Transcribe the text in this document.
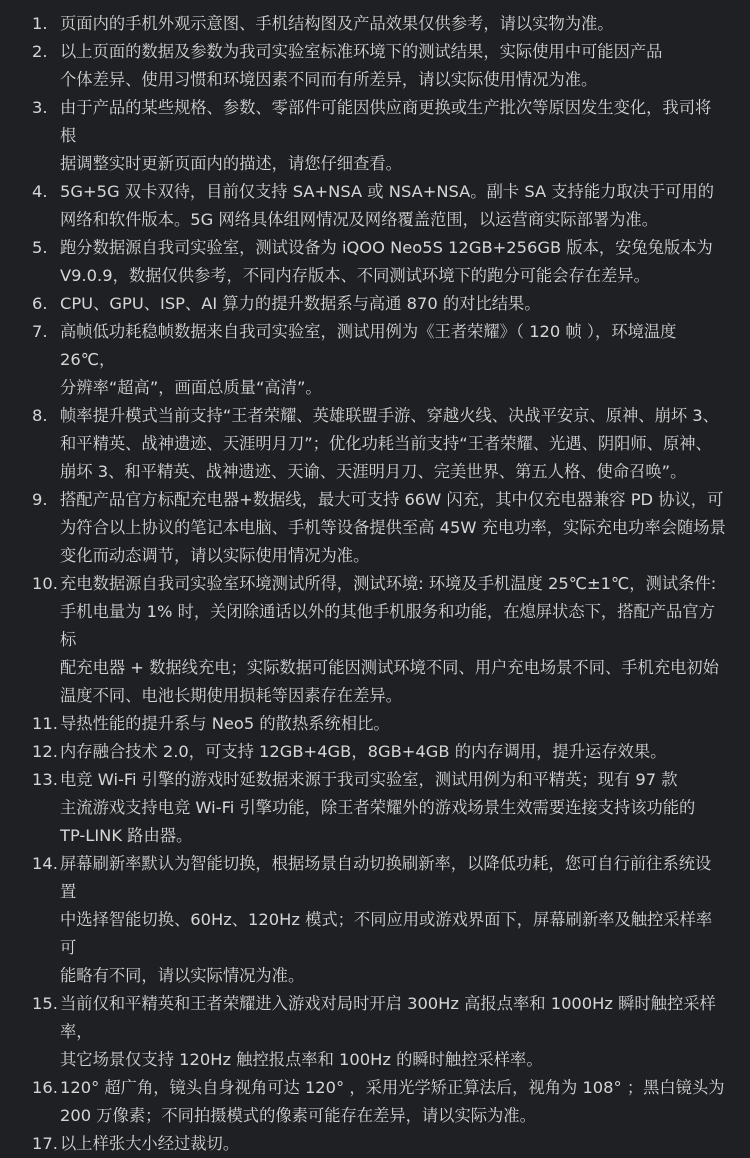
1. 页面内的手机外观示意图、手机结构图及产品效果仅供参考，请以实物为准。
2. 以上页面的数据及参数为我司实验室标准环境下的测试结果，实际使用中可能因产品
个体差异、使用习惯和环境因素不同而有所差异，请以实际使用情况为准。
3. 由于产品的某些规格、参数、零部件可能因供应商更换或生产批次等原因发生变化，我司将根
据调整实时更新页面内的描述，请您仔细查看。
4. 5G+5G 双卡双待，目前仅支持 SA+NSA 或 NSA+NSA。副卡 SA 支持能力取决于可用的
网络和软件版本。5G 网络具体组网情况及网络覆盖范围，以运营商实际部署为准。
5. 跑分数据源自我司实验室，测试设备为 iQOO Neo5S 12GB+256GB 版本，安兔兔版本为
V9.0.9，数据仅供参考，不同内存版本、不同测试环境下的跑分可能会存在差异。
6. CPU、GPU、ISP、AI 算力的提升数据系与高通 870 的对比结果。
7. 高帧低功耗稳帧数据来自我司实验室，测试用例为《王者荣耀》（ 120 帧 ），环境温度 26℃，
分辨率“超高”，画面总质量“高清”。
8. 帧率提升模式当前支持“王者荣耀、英雄联盟手游、穿越火线、决战平安京、原神、崩坏 3、
和平精英、战神遗迹、天涯明月刀”；优化功耗当前支持“王者荣耀、光遇、阴阳师、原神、
崩坏 3、和平精英、战神遗迹、天谕、天涯明月刀、完美世界、第五人格、使命召唤”。
9. 搭配产品官方标配充电器+数据线，最大可支持 66W 闪充，其中仅充电器兼容 PD 协议，可
为符合以上协议的笔记本电脑、手机等设备提供至高 45W 充电功率，实际充电功率会随场景
变化而动态调节，请以实际使用情况为准。
10. 充电数据源自我司实验室环境测试所得，测试环境: 环境及手机温度 25℃±1℃，测试条件:
手机电量为 1% 时，关闭除通话以外的其他手机服务和功能，在熄屏状态下，搭配产品官方标
配充电器 + 数据线充电；实际数据可能因测试环境不同、用户充电场景不同、手机充电初始
温度不同、电池长期使用损耗等因素存在差异。
11. 导热性能的提升系与 Neo5 的散热系统相比。
12. 内存融合技术 2.0，可支持 12GB+4GB，8GB+4GB 的内存调用，提升运存效果。
13. 电竞 Wi-Fi 引擎的游戏时延数据来源于我司实验室，测试用例为和平精英；现有 97 款
主流游戏支持电竞 Wi-Fi 引擎功能，除王者荣耀外的游戏场景生效需要连接支持该功能的
TP-LINK 路由器。
14. 屏幕刷新率默认为智能切换，根据场景自动切换刷新率，以降低功耗，您可自行前往系统设置
中选择智能切换、60Hz、120Hz 模式；不同应用或游戏界面下，屏幕刷新率及触控采样率可
能略有不同，请以实际情况为准。
15. 当前仅和平精英和王者荣耀进入游戏对局时开启 300Hz 高报点率和 1000Hz 瞬时触控采样率，
其它场景仅支持 120Hz 触控报点率和 100Hz 的瞬时触控采样率。
16. 120° 超广角，镜头自身视角可达 120° ，采用光学矫正算法后，视角为 108° ；黑白镜头为
200 万像素；不同拍摄模式的像素可能存在差异，请以实际为准。
17. 以上样张大小经过裁切。
